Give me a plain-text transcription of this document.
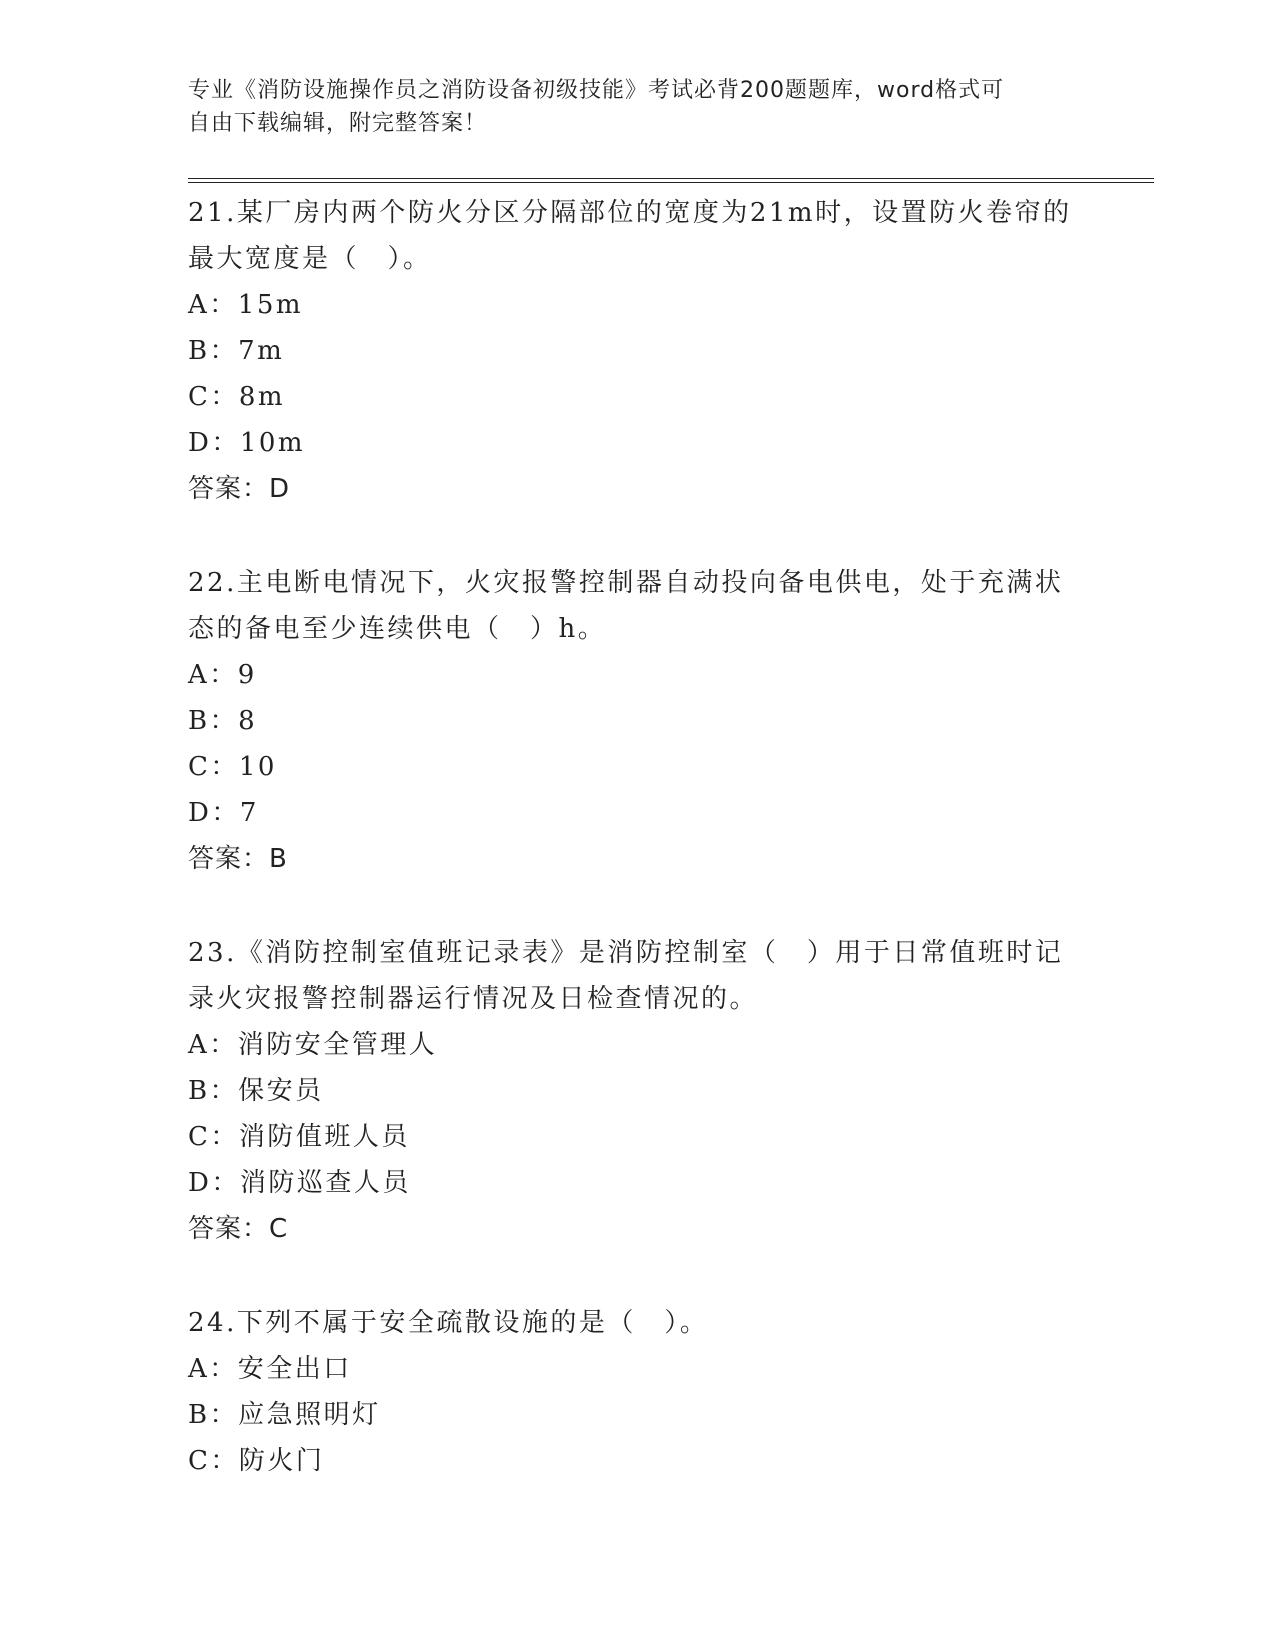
专业《消防设施操作员之消防设备初级技能》考试必背200题题库，word格式可
自由下载编辑，附完整答案！

21.某厂房内两个防火分区分隔部位的宽度为21m时，设置防火卷帘的

最大宽度是（　）。

A：15m

B：7m

C：8m

D：10m

答案：D

22.主电断电情况下，火灾报警控制器自动投向备电供电，处于充满状

态的备电至少连续供电（　）h。

A：9

B：8

C：10

D：7

答案：B

23.《消防控制室值班记录表》是消防控制室（　）用于日常值班时记

录火灾报警控制器运行情况及日检查情况的。

A：消防安全管理人

B：保安员

C：消防值班人员

D：消防巡查人员

答案：C

24.下列不属于安全疏散设施的是（　）。

A：安全出口

B：应急照明灯

C：防火门
